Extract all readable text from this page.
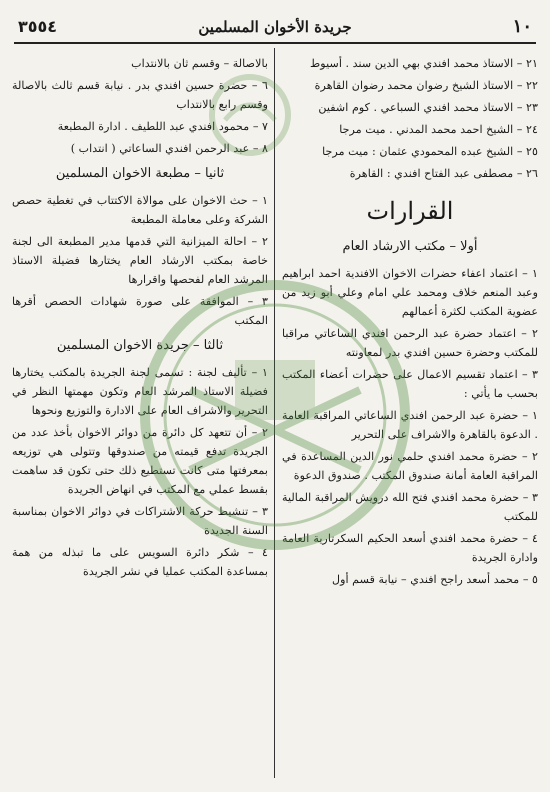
١٠
جريدة الأخوان المسلمين
٣٥٥٤

٢١ – الاستاذ محمد افندي بهي الدين سند . أسيوط

٢٢ – الاستاذ الشيخ رضوان محمد رضوان القاهرة

٢٣ – الاستاذ محمد افندي السباعي . كوم اشفين

٢٤ – الشيخ احمد محمد المدني . ميت مرجا

٢٥ – الشيخ عبده المحمودي عثمان : ميت مرجا

٢٦ – مصطفى عبد الفتاح افندي : القاهرة

القرارات

أولا – مكتب الارشاد العام

١ – اعتماد اعفاء حضرات الاخوان الافندية احمد ابراهيم وعبد المنعم خلاف ومحمد علي امام وعلي أبو زيد من عضوية المكتب لكثرة أعمالهم

٢ – اعتماد حضرة عبد الرحمن افندي الساعاتي مراقبا للمكتب وحضرة حسين افندي بدر لمعاونته

٣ – اعتماد تقسيم الاعمال على حضرات أعضاء المكتب بحسب ما يأتي :

١ – حضرة عبد الرحمن افندي الساعاتي المراقبة العامة . الدعوة بالقاهرة والاشراف على التحرير

٢ – حضرة محمد افندي حلمي نور الدين المساعدة في المراقبة العامة أمانة صندوق المكتب . صندوق الدعوة

٣ – حضرة محمد افندي فتح الله درويش المراقبة المالية للمكتب

٤ – حضرة محمد افندي أسعد الحكيم السكرتارية العامة وادارة الجريدة

٥ – محمد أسعد راجح افندي – نيابة قسم أول

بالاصالة – وقسم ثان بالانتداب

٦ – حضرة حسين افندي بدر . نيابة قسم ثالث بالاصالة وقسم رابع بالانتداب

٧ – محمود افندي عبد اللطيف . ادارة المطبعة

٨ – عبد الرحمن افندي الساعاتي ( انتداب )

ثانيا – مطبعة الاخوان المسلمين

١ – حث الاخوان على موالاة الاكتتاب في تغطية حصص الشركة وعلى معاملة المطبعة

٢ – احالة الميزانية التي قدمها مدير المطبعة الى لجنة خاصة بمكتب الارشاد العام يختارها فضيلة الاستاذ المرشد العام لفحصها واقرارها

٣ – الموافقة على صورة شهادات الحصص أقرها المكتب

ثالثا – جريدة الاخوان المسلمين

١ – تأليف لجنة : تسمى لجنة الجريدة بالمكتب يختارها فضيلة الاستاذ المرشد العام وتكون مهمتها النظر في التحرير والاشراف العام على الادارة والتوزيع ونحوها

٢ – أن تتعهد كل دائرة من دوائر الاخوان بأخذ عدد من الجريدة تدفع قيمته من صندوقها وتتولى هي توزيعه بمعرفتها متى كانت تستطيع ذلك حتى تكون قد ساهمت بقسط عملي مع المكتب في انهاض الجريدة

٣ – تنشيط حركة الاشتراكات في دوائر الاخوان بمناسبة السنة الجديدة

٤ – شكر دائرة السويس على ما تبذله من همة بمساعدة المكتب عمليا في نشر الجريدة
